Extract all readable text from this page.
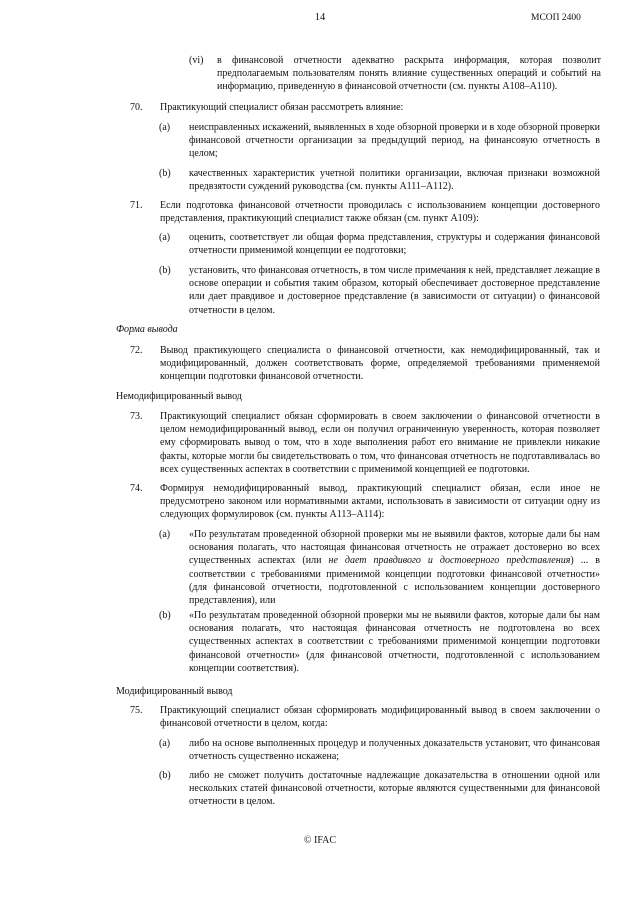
14	МСОП 2400
(vi) в финансовой отчетности адекватно раскрыта информация, которая позволит предполагаемым пользователям понять влияние существенных операций и событий на информацию, приведенную в финансовой отчетности (см. пункты A108–A110).
70. Практикующий специалист обязан рассмотреть влияние:
(a) неисправленных искажений, выявленных в ходе обзорной проверки и в ходе обзорной проверки финансовой отчетности организации за предыдущий период, на финансовую отчетность в целом;
(b) качественных характеристик учетной политики организации, включая признаки возможной предвзятости суждений руководства (см. пункты A111–A112).
71. Если подготовка финансовой отчетности проводилась с использованием концепции достоверного представления, практикующий специалист также обязан (см. пункт A109):
(a) оценить, соответствует ли общая форма представления, структуры и содержания финансовой отчетности применимой концепции ее подготовки;
(b) установить, что финансовая отчетность, в том числе примечания к ней, представляет лежащие в основе операции и события таким образом, который обеспечивает достоверное представление или дает правдивое и достоверное представление (в зависимости от ситуации) о финансовой отчетности в целом.
Форма вывода
72. Вывод практикующего специалиста о финансовой отчетности, как немодифицированный, так и модифицированный, должен соответствовать форме, определяемой требованиями применяемой концепции подготовки финансовой отчетности.
Немодифицированный вывод
73. Практикующий специалист обязан сформировать в своем заключении о финансовой отчетности в целом немодифицированный вывод, если он получил ограниченную уверенность, которая позволяет ему сформировать вывод о том, что в ходе выполнения работ его внимание не привлекли никакие факты, которые могли бы свидетельствовать о том, что финансовая отчетность не подготавливалась во всех существенных аспектах в соответствии с применимой концепцией ее подготовки.
74. Формируя немодифицированный вывод, практикующий специалист обязан, если иное не предусмотрено законом или нормативными актами, использовать в зависимости от ситуации одну из следующих формулировок (см. пункты A113–A114):
(a) «По результатам проведенной обзорной проверки мы не выявили фактов, которые дали бы нам основания полагать, что настоящая финансовая отчетность не отражает достоверно во всех существенных аспектах (или не дает правдивого и достоверного представления) ... в соответствии с требованиями применимой концепции подготовки финансовой отчетности» (для финансовой отчетности, подготовленной с использованием концепции достоверного представления), или
(b) «По результатам проведенной обзорной проверки мы не выявили фактов, которые дали бы нам основания полагать, что настоящая финансовая отчетность не подготовлена во всех существенных аспектах в соответствии с требованиями применимой концепции подготовки финансовой отчетности» (для финансовой отчетности, подготовленной с использованием концепции соответствия).
Модифицированный вывод
75. Практикующий специалист обязан сформировать модифицированный вывод в своем заключении о финансовой отчетности в целом, когда:
(a) либо на основе выполненных процедур и полученных доказательств установит, что финансовая отчетность существенно искажена;
(b) либо не сможет получить достаточные надлежащие доказательства в отношении одной или нескольких статей финансовой отчетности, которые являются существенными для финансовой отчетности в целом.
© IFAC
